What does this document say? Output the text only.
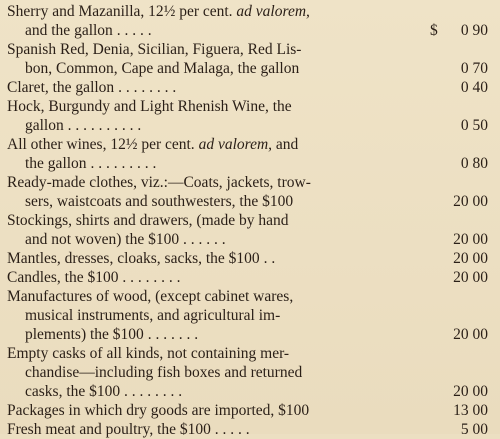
Sherry and Mazanilla, 12½ per cent. ad valorem,
and the gallon . . . . .	$	0 90
Spanish Red, Denia, Sicilian, Figuera, Red Lis-
bon, Common, Cape and Malaga, the gallon	0 70
Claret, the gallon . . . . . . . .	0 40
Hock, Burgundy and Light Rhenish Wine, the
gallon . . . . . . . . . .	0 50
All other wines, 12½ per cent. ad valorem, and
the gallon . . . . . . . . .	0 80
Ready-made clothes, viz.:—Coats, jackets, trow-
sers, waistcoats and southwesters, the $100	20 00
Stockings, shirts and drawers, (made by hand
and not woven) the $100 . . . . . .	20 00
Mantles, dresses, cloaks, sacks, the $100 . .	20 00
Candles, the $100 . . . . . . . .	20 00
Manufactures of wood, (except cabinet wares,
musical instruments, and agricultural im-
plements) the $100 . . . . . . .	20 00
Empty casks of all kinds, not containing mer-
chandise—including fish boxes and returned
casks, the $100 . . . . . . . .	20 00
Packages in which dry goods are imported, $100	13 00
Fresh meat and poultry, the $100 . . . . .	5 00
